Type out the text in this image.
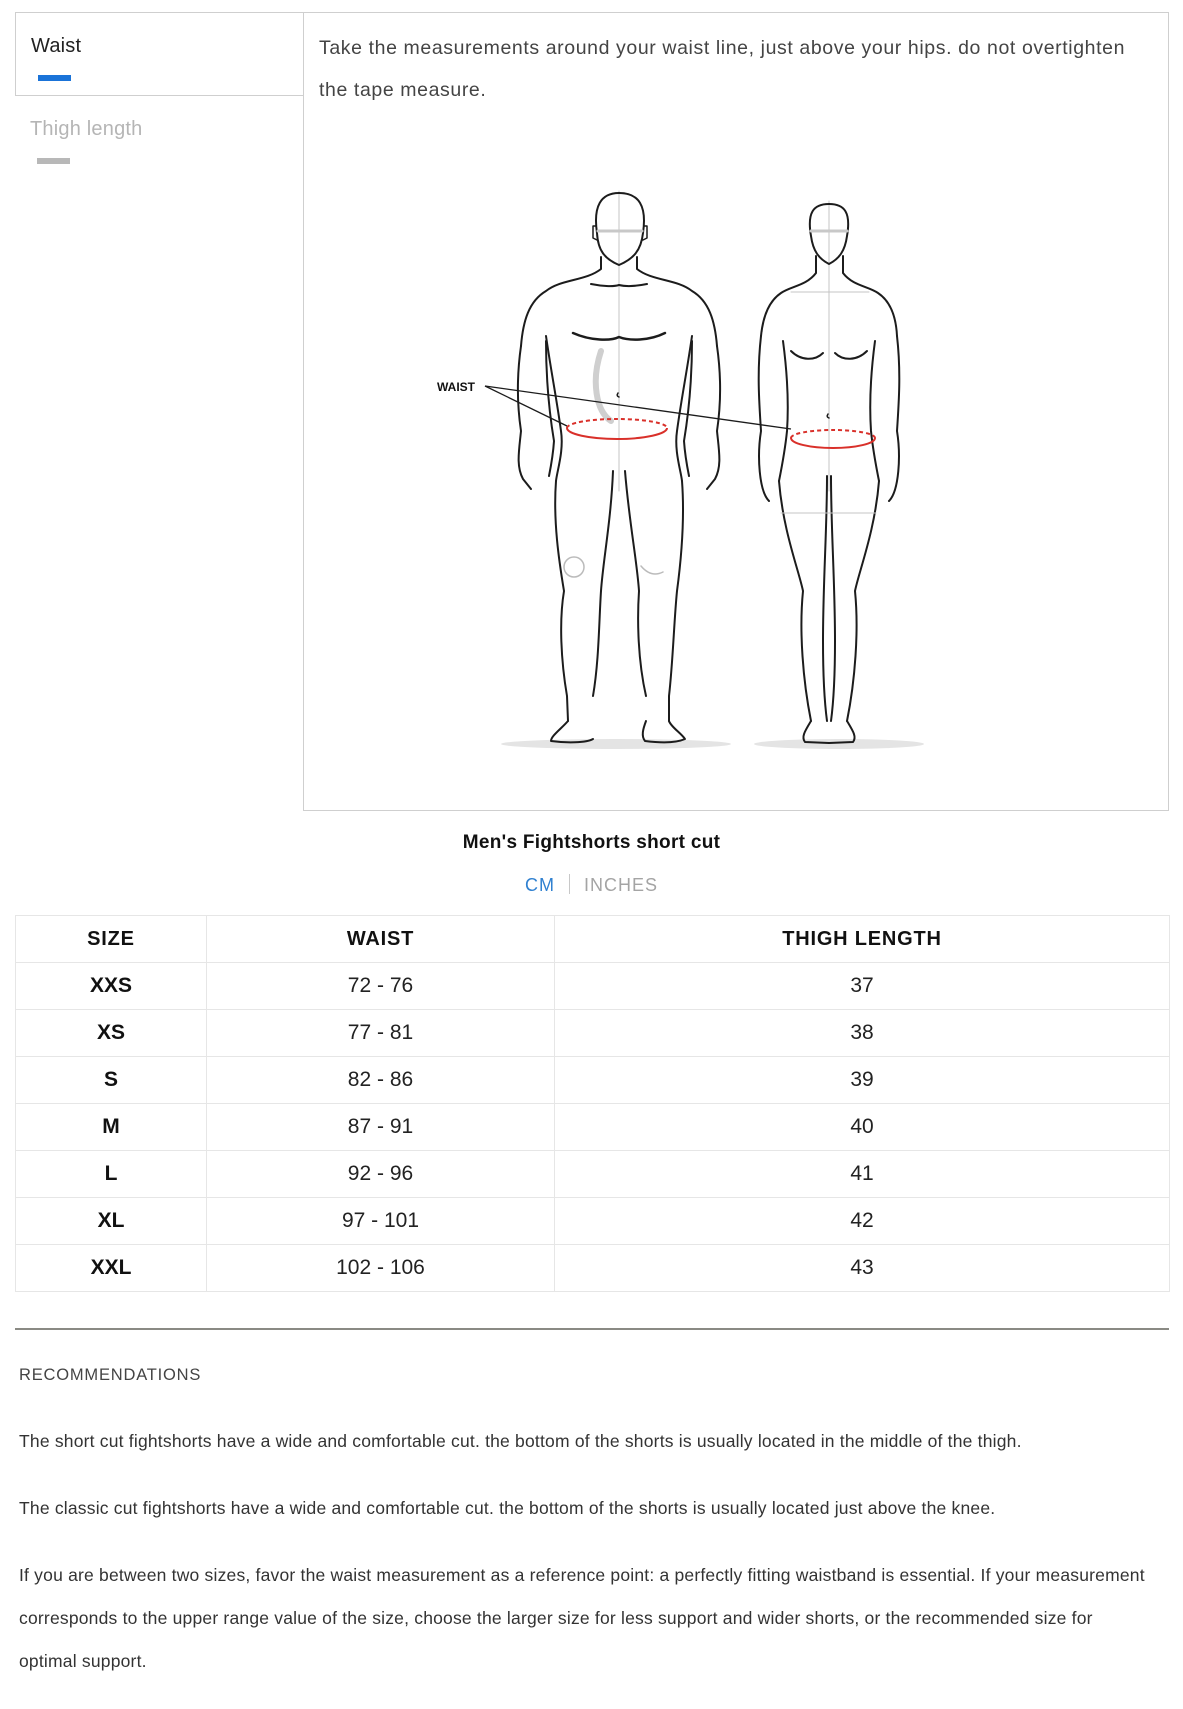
Waist
Thigh length
Take the measurements around your waist line, just above your hips. do not overtighten the tape measure.
WAIST
Men's Fightshorts short cut
CM INCHES
SIZE	WAIST	THIGH LENGTH
XXS	72 - 76	37
XS	77 - 81	38
S	82 - 86	39
M	87 - 91	40
L	92 - 96	41
XL	97 - 101	42
XXL	102 - 106	43
RECOMMENDATIONS

The short cut fightshorts have a wide and comfortable cut. the bottom of the shorts is usually located in the middle of the thigh.

The classic cut fightshorts have a wide and comfortable cut. the bottom of the shorts is usually located just above the knee.

If you are between two sizes, favor the waist measurement as a reference point: a perfectly fitting waistband is essential. If your measurement corresponds to the upper range value of the size, choose the larger size for less support and wider shorts, or the recommended size for optimal support.
